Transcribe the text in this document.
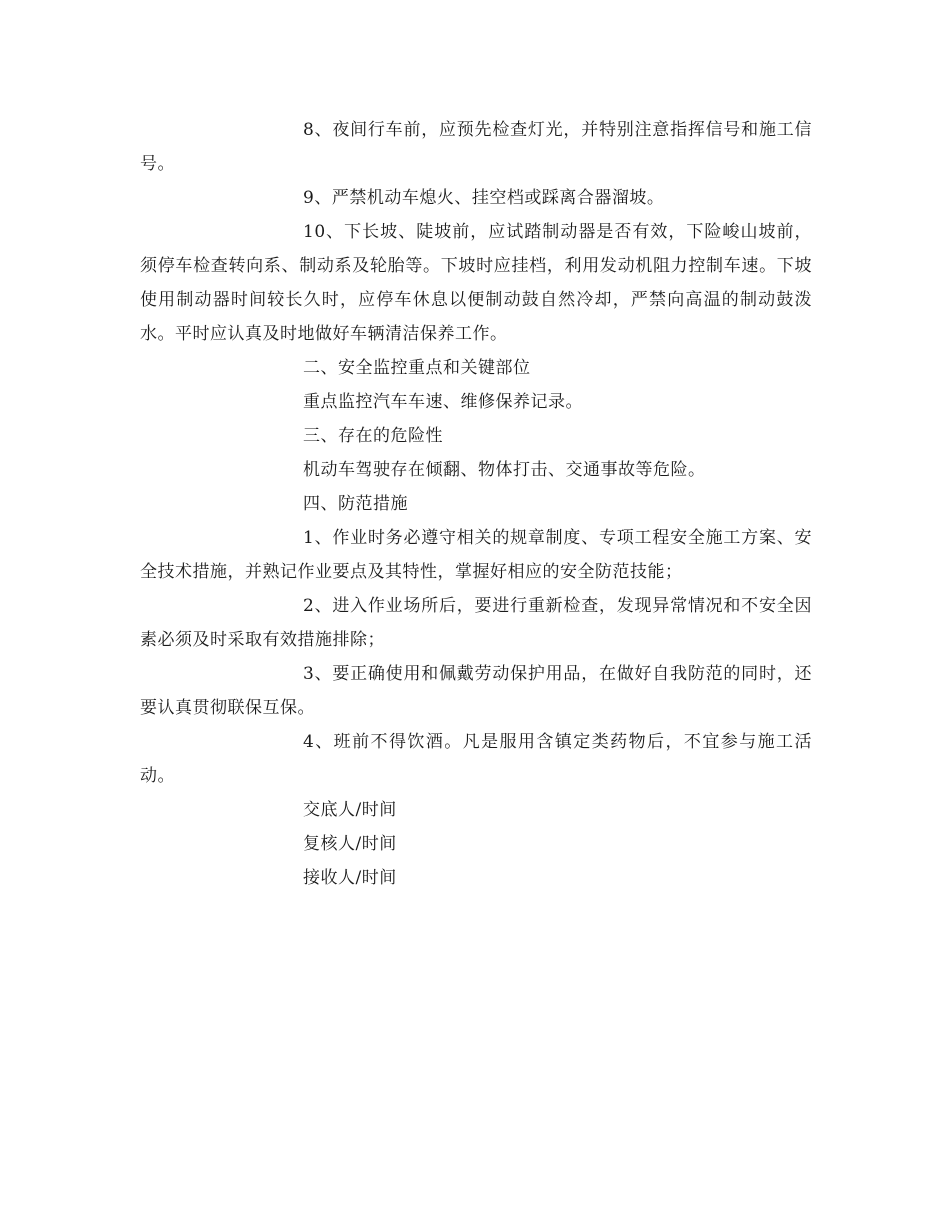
8、夜间行车前，应预先检查灯光，并特别注意指挥信号和施工信号。

9、严禁机动车熄火、挂空档或踩离合器溜坡。

10、下长坡、陡坡前，应试踏制动器是否有效，下险峻山坡前，须停车检查转向系、制动系及轮胎等。下坡时应挂档，利用发动机阻力控制车速。下坡使用制动器时间较长久时，应停车休息以便制动鼓自然冷却，严禁向高温的制动鼓泼水。平时应认真及时地做好车辆清洁保养工作。

二、安全监控重点和关键部位

重点监控汽车车速、维修保养记录。

三、存在的危险性

机动车驾驶存在倾翻、物体打击、交通事故等危险。

四、防范措施

1、作业时务必遵守相关的规章制度、专项工程安全施工方案、安全技术措施，并熟记作业要点及其特性，掌握好相应的安全防范技能；

2、进入作业场所后，要进行重新检查，发现异常情况和不安全因素必须及时采取有效措施排除；

3、要正确使用和佩戴劳动保护用品，在做好自我防范的同时，还要认真贯彻联保互保。

4、班前不得饮酒。凡是服用含镇定类药物后，不宜参与施工活动。

交底人/时间

复核人/时间

接收人/时间
